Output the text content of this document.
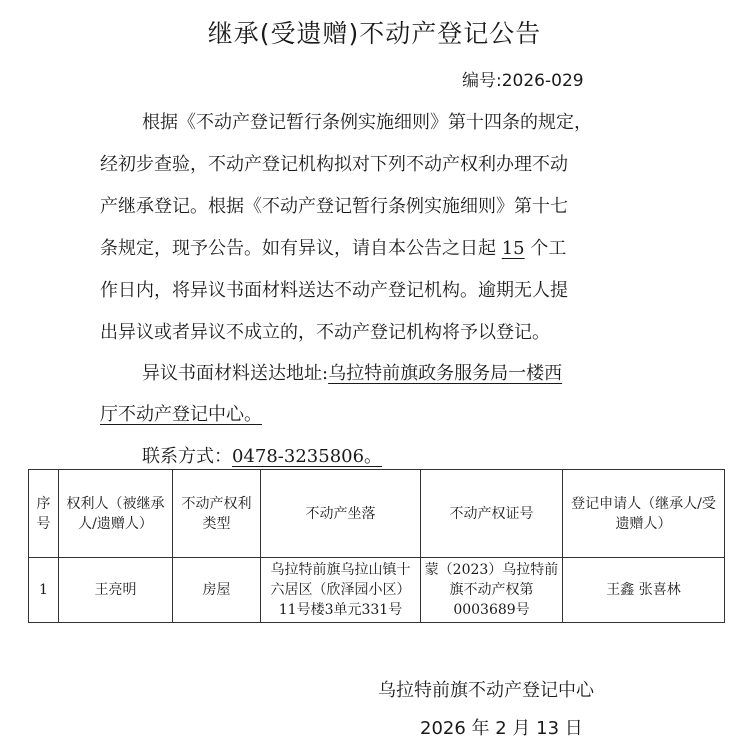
继承(受遗赠)不动产登记公告
编号:2026-029
根据《不动产登记暂行条例实施细则》第十四条的规定，
经初步查验，不动产登记机构拟对下列不动产权利办理不动
产继承登记。根据《不动产登记暂行条例实施细则》第十七
条规定，现予公告。如有异议，请自本公告之日起 15 个工
作日内，将异议书面材料送达不动产登记机构。逾期无人提
出异议或者异议不成立的，不动产登记机构将予以登记。
异议书面材料送达地址:乌拉特前旗政务服务局一楼西
厅不动产登记中心。
联系方式：0478-3235806。
序号	权利人（被继承人/遗赠人）	不动产权利类型	不动产坐落	不动产权证号	登记申请人（继承人/受遗赠人）
1	王亮明	房屋	乌拉特前旗乌拉山镇十六居区（欣泽园小区）11号楼3单元331号	蒙（2023）乌拉特前旗不动产权第0003689号	王鑫 张喜林
乌拉特前旗不动产登记中心
2026 年 2 月 13 日
